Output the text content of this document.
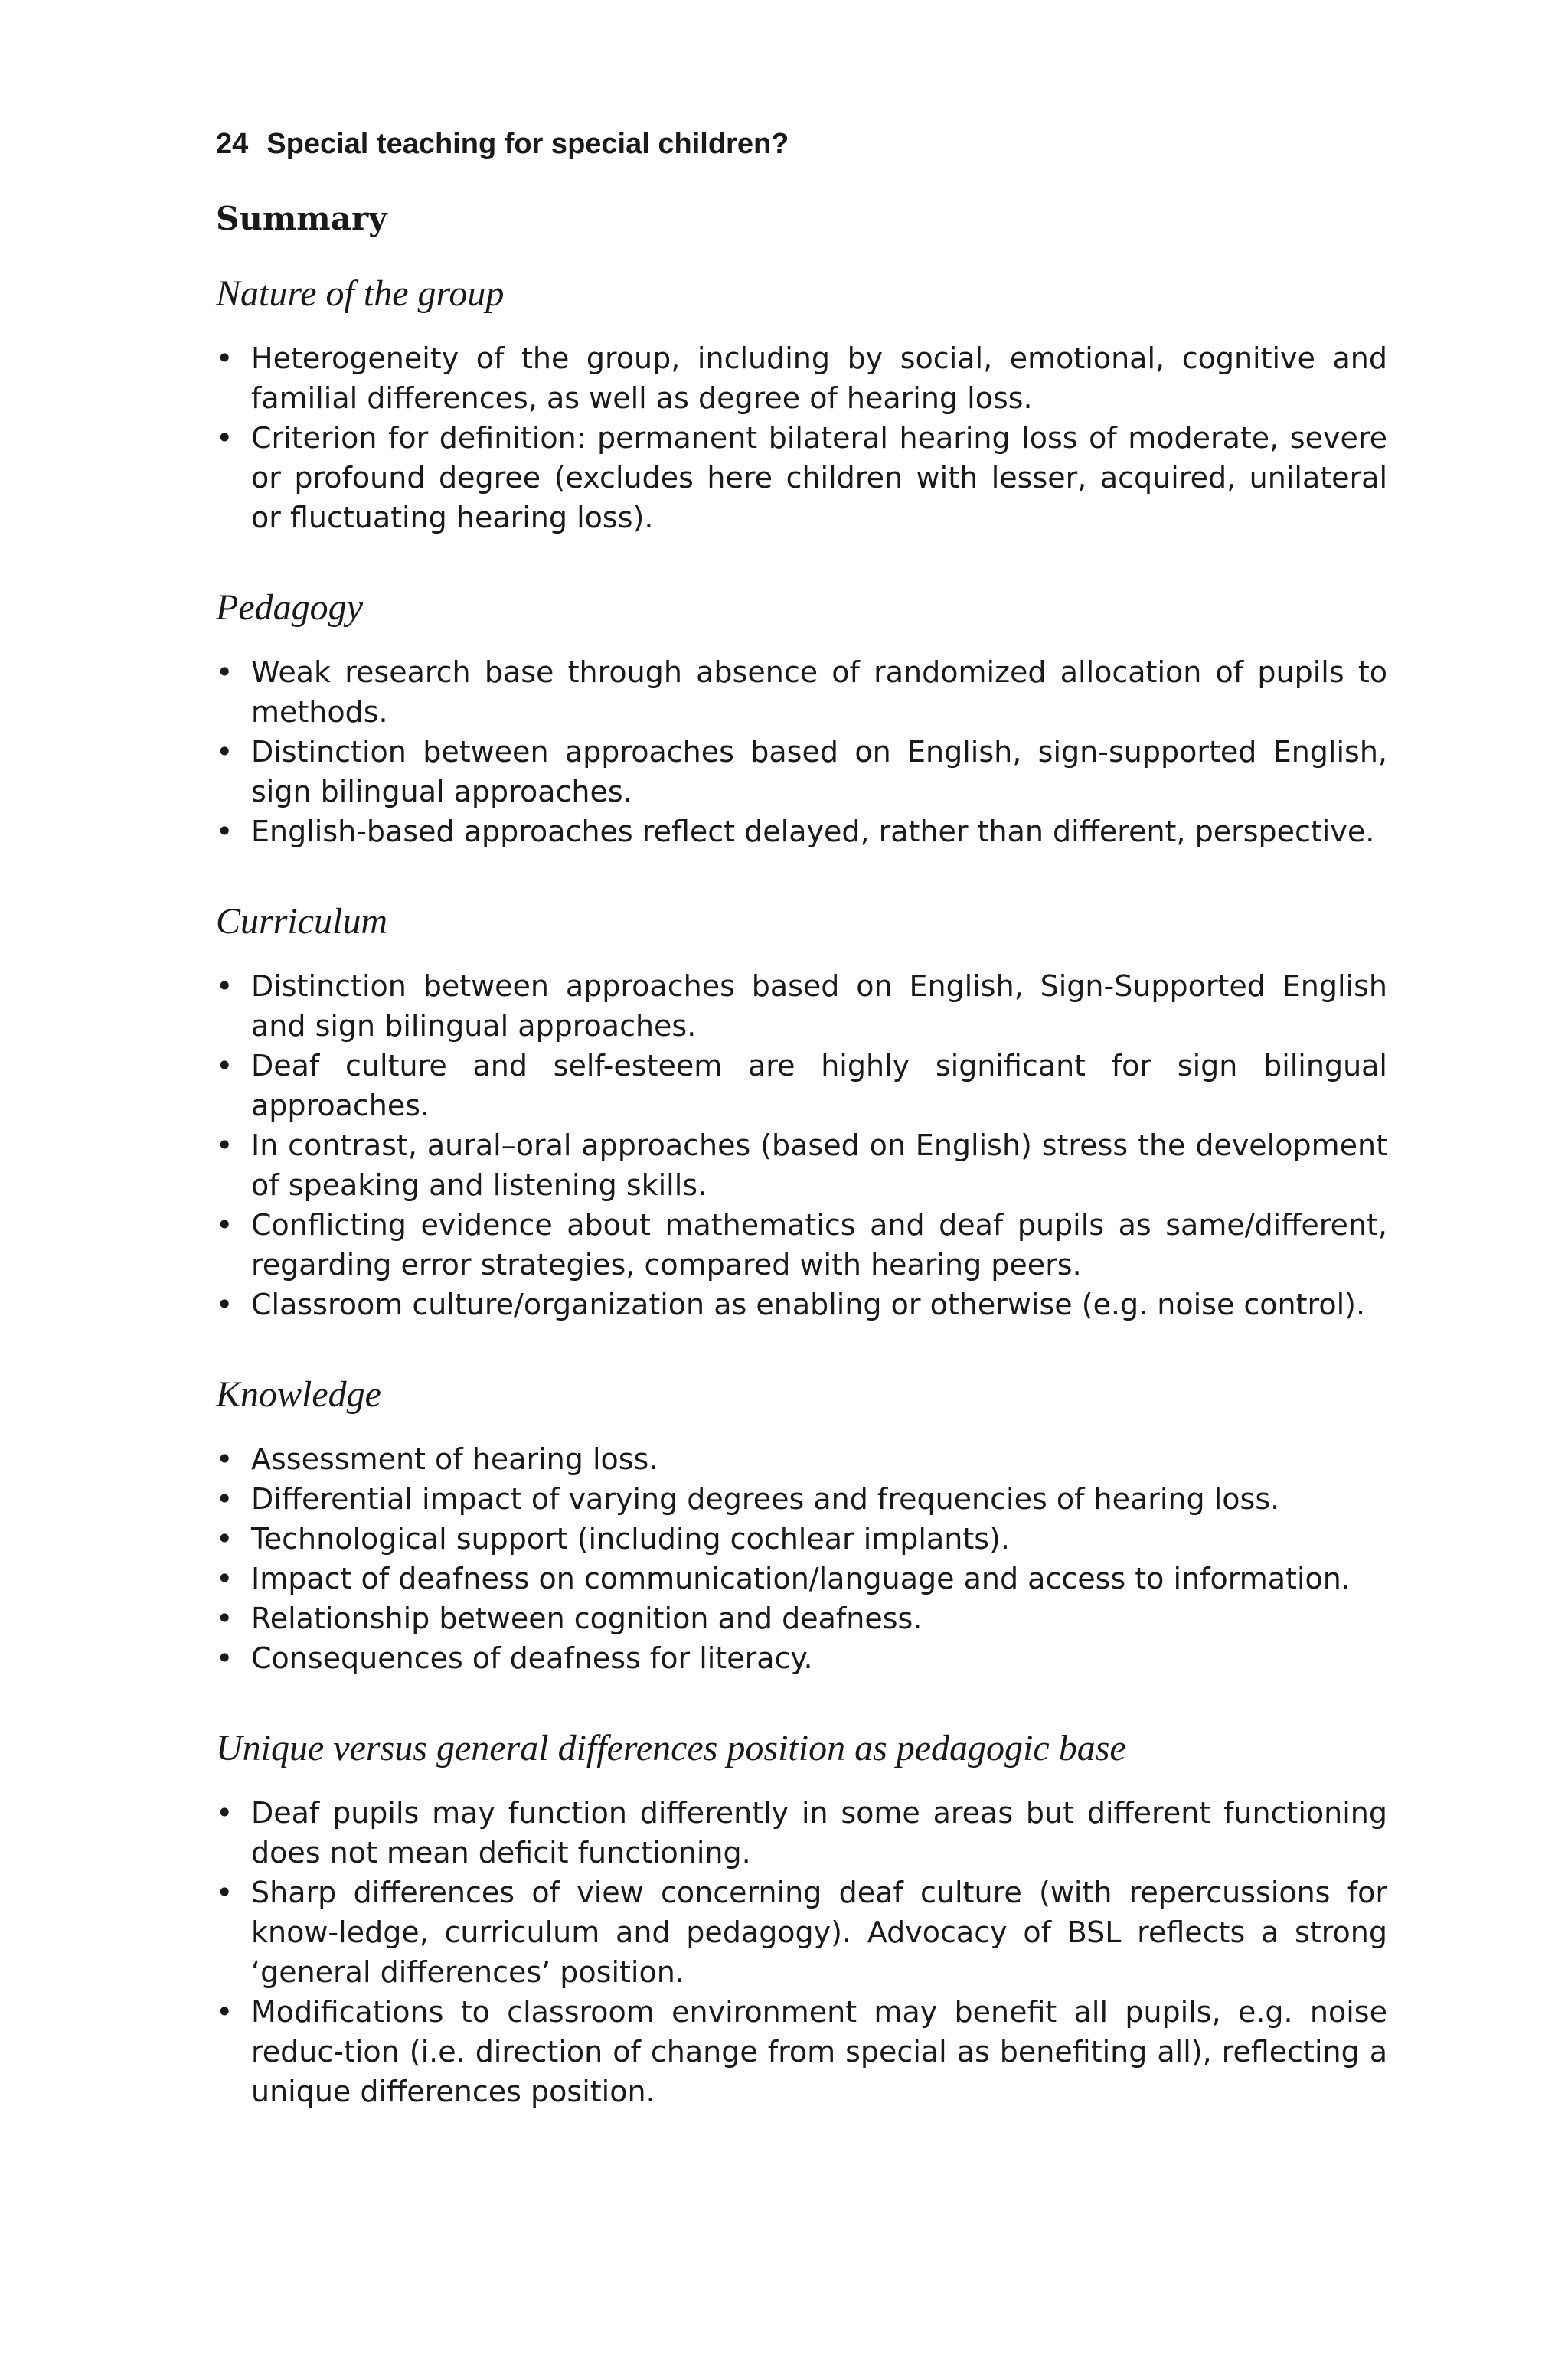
24 Special teaching for special children?
Summary
Nature of the group
• Heterogeneity of the group, including by social, emotional, cognitive and familial differences, as well as degree of hearing loss.
• Criterion for definition: permanent bilateral hearing loss of moderate, severe or profound degree (excludes here children with lesser, acquired, unilateral or fluctuating hearing loss).
Pedagogy
• Weak research base through absence of randomized allocation of pupils to methods.
• Distinction between approaches based on English, sign-supported English, sign bilingual approaches.
• English-based approaches reflect delayed, rather than different, perspective.
Curriculum
• Distinction between approaches based on English, Sign-Supported English and sign bilingual approaches.
• Deaf culture and self-esteem are highly significant for sign bilingual approaches.
• In contrast, aural–oral approaches (based on English) stress the development of speaking and listening skills.
• Conflicting evidence about mathematics and deaf pupils as same/different, regarding error strategies, compared with hearing peers.
• Classroom culture/organization as enabling or otherwise (e.g. noise control).
Knowledge
• Assessment of hearing loss.
• Differential impact of varying degrees and frequencies of hearing loss.
• Technological support (including cochlear implants).
• Impact of deafness on communication/language and access to information.
• Relationship between cognition and deafness.
• Consequences of deafness for literacy.
Unique versus general differences position as pedagogic base
• Deaf pupils may function differently in some areas but different functioning does not mean deficit functioning.
• Sharp differences of view concerning deaf culture (with repercussions for know-ledge, curriculum and pedagogy). Advocacy of BSL reflects a strong ‘general differences’ position.
• Modifications to classroom environment may benefit all pupils, e.g. noise reduc-tion (i.e. direction of change from special as benefiting all), reflecting a unique differences position.
